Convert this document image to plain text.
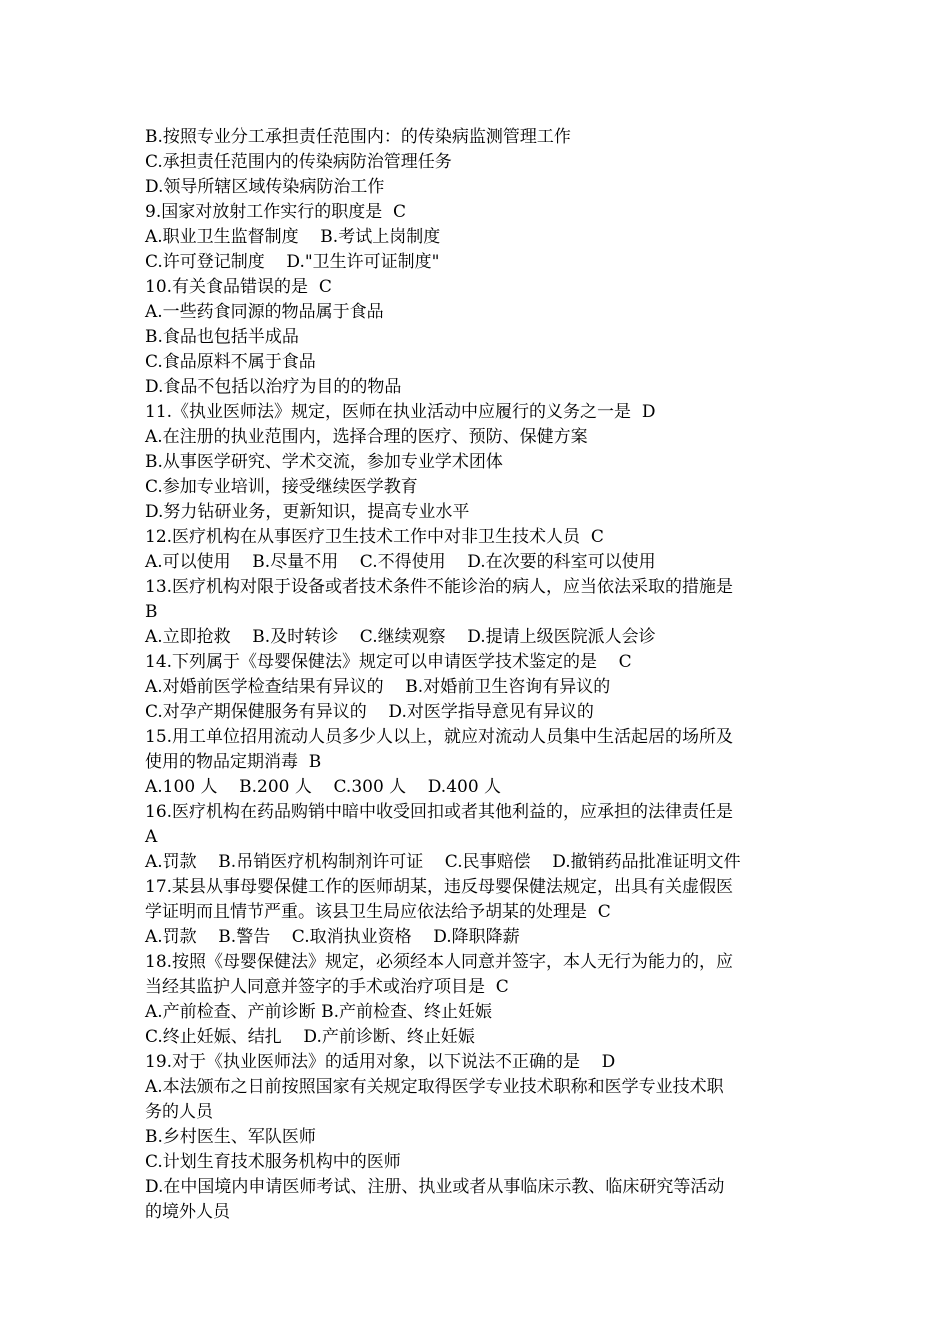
B.按照专业分工承担责任范围内：的传染病监测管理工作
C.承担责任范围内的传染病防治管理任务
D.领导所辖区域传染病防治工作
9.国家对放射工作实行的职度是  C
A.职业卫生监督制度    B.考试上岗制度
C.许可登记制度    D."卫生许可证制度"
10.有关食品错误的是  C
A.一些药食同源的物品属于食品
B.食品也包括半成品
C.食品原料不属于食品
D.食品不包括以治疗为目的的物品
11.《执业医师法》规定，医师在执业活动中应履行的义务之一是  D
A.在注册的执业范围内，选择合理的医疗、预防、保健方案
B.从事医学研究、学术交流，参加专业学术团体
C.参加专业培训，接受继续医学教育
D.努力钻研业务，更新知识，提高专业水平
12.医疗机构在从事医疗卫生技术工作中对非卫生技术人员  C
A.可以使用    B.尽量不用    C.不得使用    D.在次要的科室可以使用
13.医疗机构对限于设备或者技术条件不能诊治的病人，应当依法采取的措施是
B
A.立即抢救    B.及时转诊    C.继续观察    D.提请上级医院派人会诊
14.下列属于《母婴保健法》规定可以申请医学技术鉴定的是    C
A.对婚前医学检查结果有异议的    B.对婚前卫生咨询有异议的
C.对孕产期保健服务有异议的    D.对医学指导意见有异议的
15.用工单位招用流动人员多少人以上，就应对流动人员集中生活起居的场所及
使用的物品定期消毒  B
A.100 人    B.200 人    C.300 人    D.400 人
16.医疗机构在药品购销中暗中收受回扣或者其他利益的，应承担的法律责任是
A
A.罚款    B.吊销医疗机构制剂许可证    C.民事赔偿    D.撤销药品批准证明文件
17.某县从事母婴保健工作的医师胡某，违反母婴保健法规定，出具有关虚假医
学证明而且情节严重。该县卫生局应依法给予胡某的处理是  C
A.罚款    B.警告    C.取消执业资格    D.降职降薪
18.按照《母婴保健法》规定，必须经本人同意并签字，本人无行为能力的，应
当经其监护人同意并签字的手术或治疗项目是  C
A.产前检查、产前诊断 B.产前检查、终止妊娠
C.终止妊娠、结扎    D.产前诊断、终止妊娠
19.对于《执业医师法》的适用对象，以下说法不正确的是    D
A.本法颁布之日前按照国家有关规定取得医学专业技术职称和医学专业技术职
务的人员
B.乡村医生、军队医师
C.计划生育技术服务机构中的医师
D.在中国境内申请医师考试、注册、执业或者从事临床示教、临床研究等活动
的境外人员
